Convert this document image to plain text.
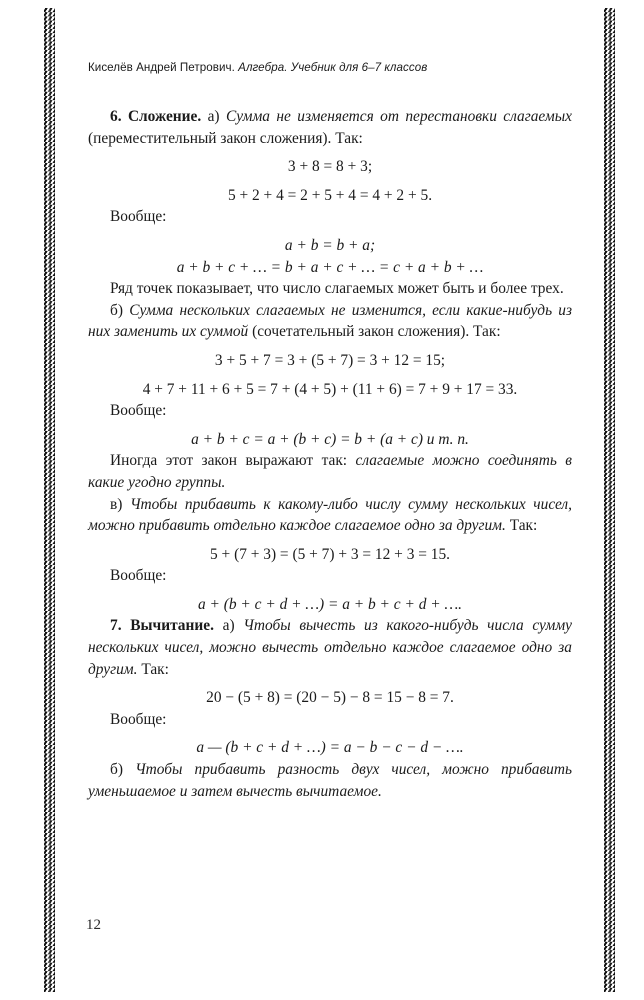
Киселёв Андрей Петрович. Алгебра. Учебник для 6–7 классов

6. Сложение. а) Сумма не изменяется от перестановки слагаемых (переместительный закон сложения). Так:

3 + 8 = 8 + 3;

5 + 2 + 4 = 2 + 5 + 4 = 4 + 2 + 5.

Вообще:

a + b = b + a;

a + b + c + … = b + a + c + … = c + a + b + …

Ряд точек показывает, что число слагаемых может быть и более трех.

б) Сумма нескольких слагаемых не изменится, если какие-нибудь из них заменить их суммой (сочетательный закон сложения). Так:

3 + 5 + 7 = 3 + (5 + 7) = 3 + 12 = 15;

4 + 7 + 11 + 6 + 5 = 7 + (4 + 5) + (11 + 6) = 7 + 9 + 17 = 33.

Вообще:

a + b + c = a + (b + c) = b + (a + c) и т. п.

Иногда этот закон выражают так: слагаемые можно соединять в какие угодно группы.

в) Чтобы прибавить к какому-либо числу сумму нескольких чисел, можно прибавить отдельно каждое слагаемое одно за другим. Так:

5 + (7 + 3) = (5 + 7) + 3 = 12 + 3 = 15.

Вообще:

a + (b + c + d + …) = a + b + c + d + ….

7. Вычитание. а) Чтобы вычесть из какого-нибудь числа сумму нескольких чисел, можно вычесть отдельно каждое слагаемое одно за другим. Так:

20 − (5 + 8) = (20 − 5) − 8 = 15 − 8 = 7.

Вообще:

a — (b + c + d + …) = a − b − c − d − ….

б) Чтобы прибавить разность двух чисел, можно прибавить уменьшаемое и затем вычесть вычитаемое.

12
